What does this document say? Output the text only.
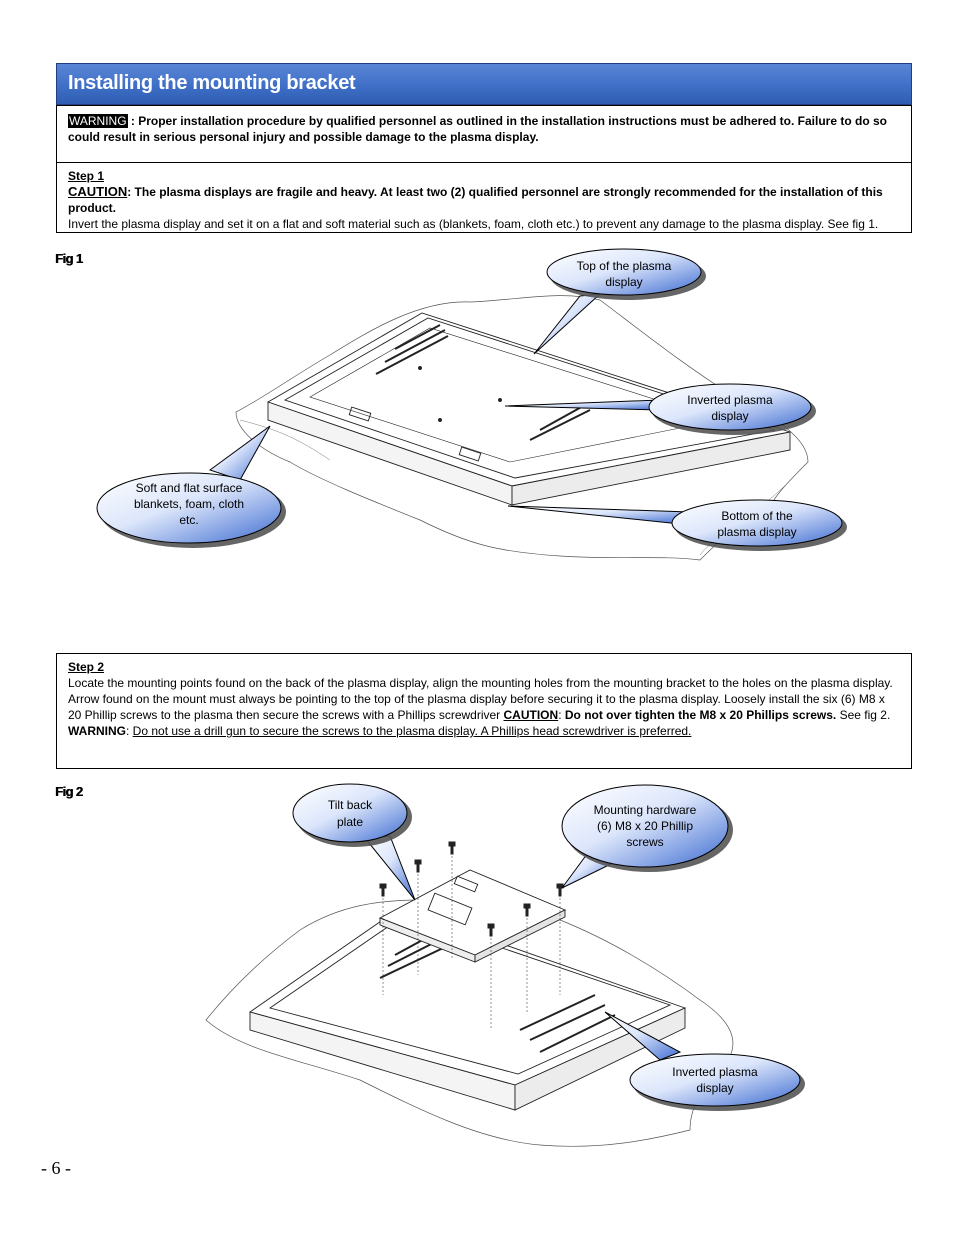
Installing the mounting bracket
WARNING : Proper installation procedure by qualified personnel as outlined in the installation instructions must be adhered to. Failure to do so could result in serious personal injury and possible damage to the plasma display.
Step 1
CAUTION: The plasma displays are fragile and heavy. At least two (2) qualified personnel are strongly recommended for the installation of this product.
Invert the plasma display and set it on a flat and soft material such as (blankets, foam, cloth etc.) to prevent any damage to the plasma display. See fig 1.
Fig 1	Top of the plasma display
Inverted plasma display
Soft and flat surface blankets, foam, cloth etc.	Bottom of the plasma display
Step 2
Locate the mounting points found on the back of the plasma display, align the mounting holes from the mounting bracket to the holes on the plasma display. Arrow found on the mount must always be pointing to the top of the plasma display before securing it to the plasma display. Loosely install the six (6) M8 x 20 Phillip screws to the plasma then secure the screws with a Phillips screwdriver CAUTION: Do not over tighten the M8 x 20 Phillips screws. See fig 2.
WARNING: Do not use a drill gun to secure the screws to the plasma display. A Phillips head screwdriver is preferred.
Fig 2
Tilt back plate
Mounting hardware (6) M8 x 20 Phillip screws
Inverted plasma display
- 6 -
